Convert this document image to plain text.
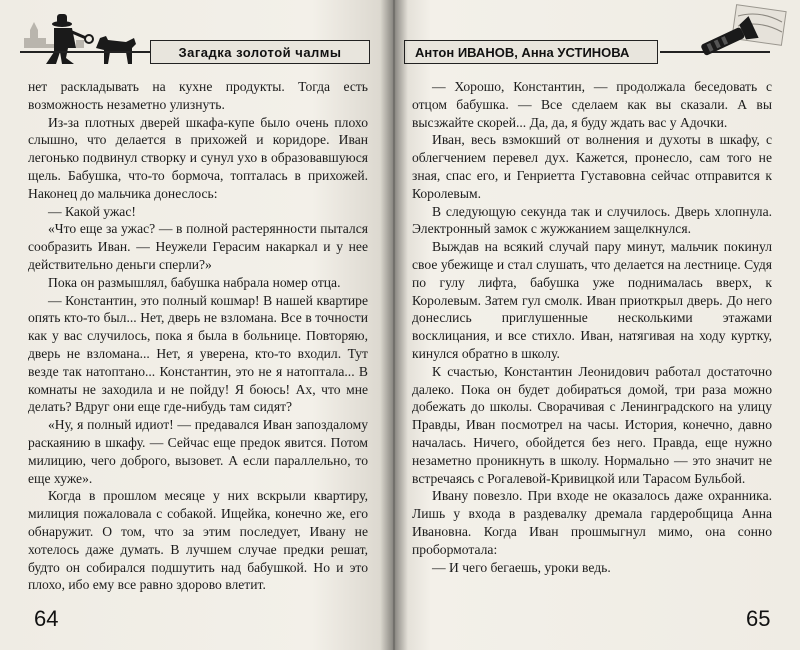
Загадка золотой чалмы

нет раскладывать на кухне продукты. Тогда есть возможность незаметно улизнуть.

Из-за плотных дверей шкафа-купе было очень плохо слышно, что делается в прихожей и коридоре. Иван легонько подвинул створку и сунул ухо в образовавшуюся щель. Бабушка, что-то бормоча, топталась в прихожей. Наконец до мальчика донеслось:

— Какой ужас!

«Что еще за ужас? — в полной растерянности пытался сообразить Иван. — Неужели Герасим накаркал и у нее действительно деньги сперли?»

Пока он размышлял, бабушка набрала номер отца.

— Константин, это полный кошмар! В нашей квартире опять кто-то был... Нет, дверь не взломана. Все в точности как у вас случилось, пока я была в больнице. Повторяю, дверь не взломана... Нет, я уверена, кто-то входил. Тут везде так натоптано... Константин, это не я натоптала... В комнаты не заходила и не пойду! Я боюсь! Ах, что мне делать? Вдруг они еще где-нибудь там сидят?

«Ну, я полный идиот! — предавался Иван запоздалому раскаянию в шкафу. — Сейчас еще предок явится. Потом милицию, чего доброго, вызовет. А если параллельно, то еще хуже».

Когда в прошлом месяце у них вскрыли квартиру, милиция пожаловала с собакой. Ищейка, конечно же, его обнаружит. О том, что за этим последует, Ивану не хотелось даже думать. В лучшем случае предки решат, будто он собирался подшутить над бабушкой. Но и это плохо, ибо ему все равно здорово влетит.

64
Антон ИВАНОВ, Анна УСТИНОВА

— Хорошо, Константин, — продолжала беседовать с отцом бабушка. — Все сделаем как вы сказали. А вы высзжайте скорей... Да, да, я буду ждать вас у Адочки.

Иван, весь взмокший от волнения и духоты в шкафу, с облегчением перевел дух. Кажется, пронесло, сам того не зная, спас его, и Генриетта Густавовна сейчас отправится к Королевым.

В следующую секунда так и случилось. Дверь хлопнула. Электронный замок с жужжанием защелкнулся.

Выждав на всякий случай пару минут, мальчик покинул свое убежище и стал слушать, что делается на лестнице. Судя по гулу лифта, бабушка уже поднималась вверх, к Королевым. Затем гул смолк. Иван приоткрыл дверь. До него донеслись приглушенные несколькими этажами восклицания, и все стихло. Иван, натягивая на ходу куртку, кинулся обратно в школу.

К счастью, Константин Леонидович работал достаточно далеко. Пока он будет добираться домой, три раза можно добежать до школы. Сворачивая с Ленинградского на улицу Правды, Иван посмотрел на часы. История, конечно, давно началась. Ничего, обойдется без него. Правда, еще нужно незаметно проникнуть в школу. Нормально — это значит не встречаясь с Рогалевой-Кривицкой или Тарасом Бульбой.

Ивану повезло. При входе не оказалось даже охранника. Лишь у входа в раздевалку дремала гардеробщица Анна Ивановна. Когда Иван прошмыгнул мимо, она сонно пробормотала:

— И чего бегаешь, уроки ведь.

65
